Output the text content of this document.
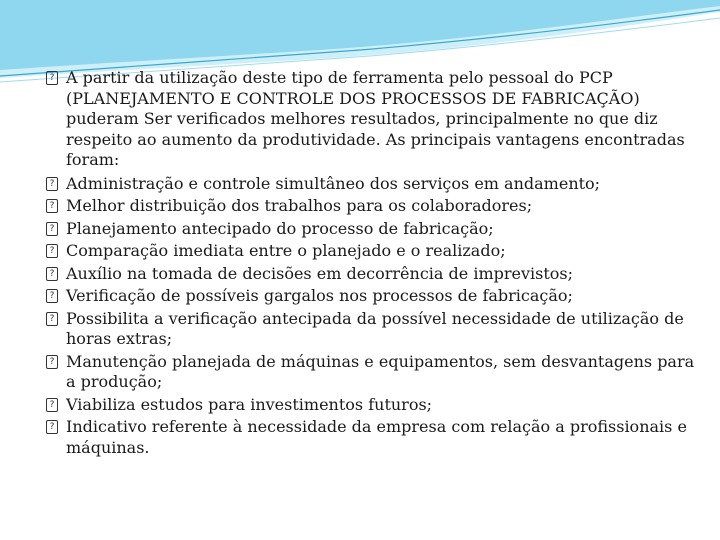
? A partir da utilização deste tipo de ferramenta pelo pessoal do PCP (PLANEJAMENTO E CONTROLE DOS PROCESSOS DE FABRICAÇÃO) puderam Ser verificados melhores resultados, principalmente no que diz respeito ao aumento da produtividade. As principais vantagens encontradas foram:

? Administração e controle simultâneo dos serviços em andamento;

? Melhor distribuição dos trabalhos para os colaboradores;

? Planejamento antecipado do processo de fabricação;

? Comparação imediata entre o planejado e o realizado;

? Auxílio na tomada de decisões em decorrência de imprevistos;

? Verificação de possíveis gargalos nos processos de fabricação;

? Possibilita a verificação antecipada da possível necessidade de utilização de horas extras;

? Manutenção planejada de máquinas e equipamentos, sem desvantagens para a produção;

? Viabiliza estudos para investimentos futuros;

? Indicativo referente à necessidade da empresa com relação a profissionais e máquinas.
